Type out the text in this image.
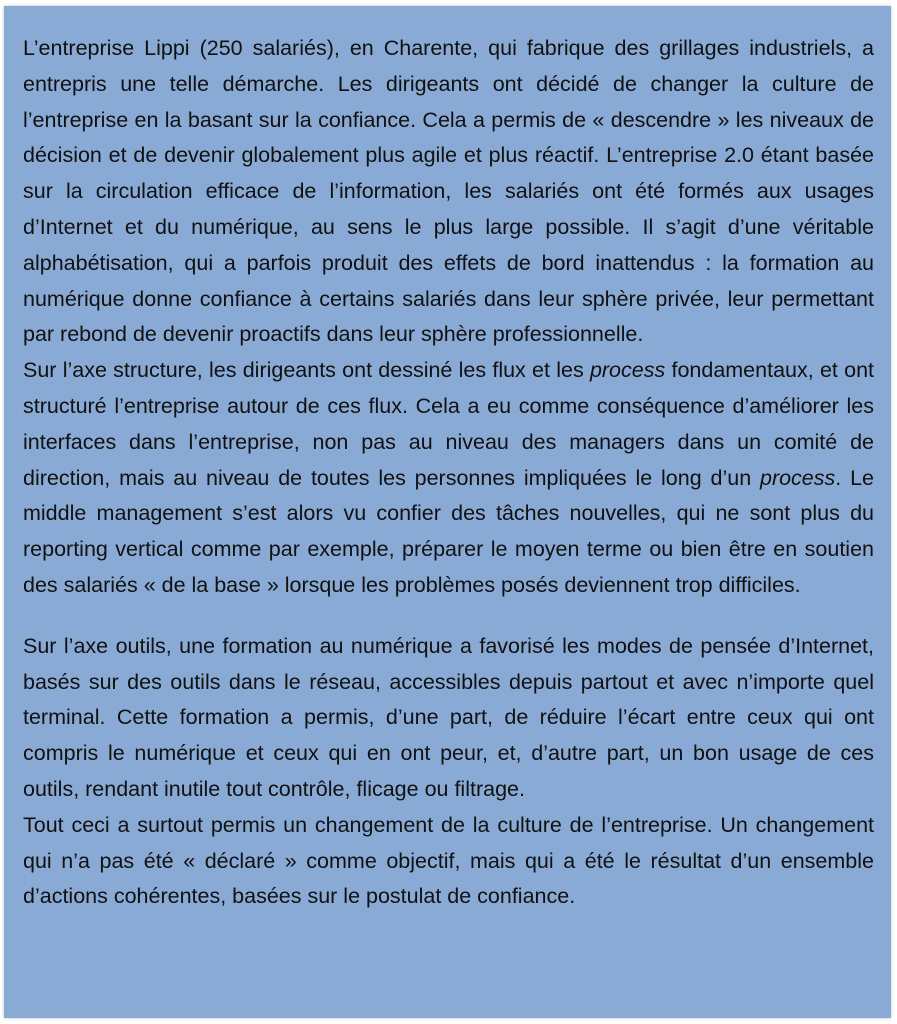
L’entreprise Lippi (250 salariés), en Charente, qui fabrique des grillages industriels, a entrepris une telle démarche. Les dirigeants ont décidé de changer la culture de l’entreprise en la basant sur la confiance. Cela a permis de « descendre » les niveaux de décision et de devenir globalement plus agile et plus réactif. L’entreprise 2.0 étant basée sur la circulation efficace de l’information, les salariés ont été formés aux usages d’Internet et du numérique, au sens le plus large possible. Il s’agit d’une véritable alphabétisation, qui a parfois produit des effets de bord inattendus : la formation au numérique donne confiance à certains salariés dans leur sphère privée, leur permettant par rebond de devenir proactifs dans leur sphère professionnelle.

Sur l’axe structure, les dirigeants ont dessiné les flux et les process fondamentaux, et ont structuré l’entreprise autour de ces flux. Cela a eu comme conséquence d’améliorer les interfaces dans l’entreprise, non pas au niveau des managers dans un comité de direction, mais au niveau de toutes les personnes impliquées le long d’un process. Le middle management s’est alors vu confier des tâches nouvelles, qui ne sont plus du reporting vertical comme par exemple, préparer le moyen terme ou bien être en soutien des salariés « de la base » lorsque les problèmes posés deviennent trop difficiles.

Sur l’axe outils, une formation au numérique a favorisé les modes de pensée d’Internet, basés sur des outils dans le réseau, accessibles depuis partout et avec n’importe quel terminal. Cette formation a permis, d’une part, de réduire l’écart entre ceux qui ont compris le numérique et ceux qui en ont peur, et, d’autre part, un bon usage de ces outils, rendant inutile tout contrôle, flicage ou filtrage.

Tout ceci a surtout permis un changement de la culture de l’entreprise. Un changement qui n’a pas été « déclaré » comme objectif, mais qui a été le résultat d’un ensemble d’actions cohérentes, basées sur le postulat de confiance.
